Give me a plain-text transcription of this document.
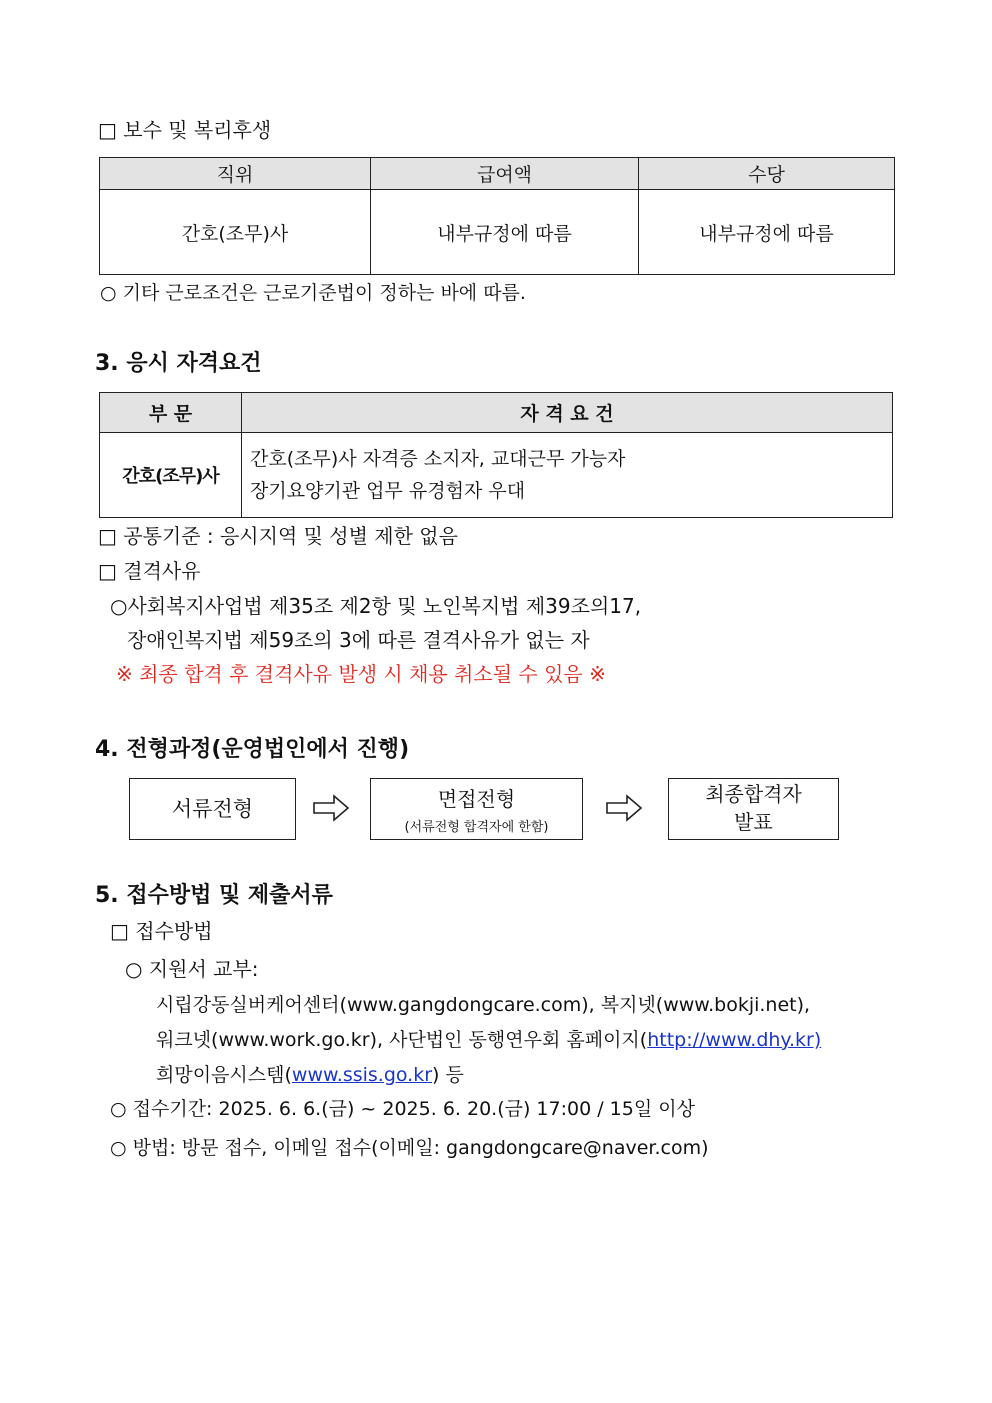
□ 보수 및 복리후생
직위	급여액	수당
간호(조무)사	내부규정에 따름	내부규정에 따름
○ 기타 근로조건은 근로기준법이 정하는 바에 따름.
3. 응시 자격요건
부 문	자 격 요 건
간호(조무)사	간호(조무)사 자격증 소지자, 교대근무 가능자
장기요양기관 업무 유경험자 우대
□ 공통기준 : 응시지역 및 성별 제한 없음
□ 결격사유
○사회복지사업법 제35조 제2항 및 노인복지법 제39조의17,
장애인복지법 제59조의 3에 따른 결격사유가 없는 자
※ 최종 합격 후 결격사유 발생 시 채용 취소될 수 있음 ※
4. 전형과정(운영법인에서 진행)
서류전형	면접전형
(서류전형 합격자에 한함)
최종합격자
발표
5. 접수방법 및 제출서류
□ 접수방법
○ 지원서 교부:
시립강동실버케어센터(www.gangdongcare.com), 복지넷(www.bokji.net),
워크넷(www.work.go.kr), 사단법인 동행연우회 홈페이지(http://www.dhy.kr)
희망이음시스템(www.ssis.go.kr) 등
○ 접수기간: 2025. 6. 6.(금) ~ 2025. 6. 20.(금) 17:00 / 15일 이상
○ 방법: 방문 접수, 이메일 접수(이메일: gangdongcare@naver.com)
